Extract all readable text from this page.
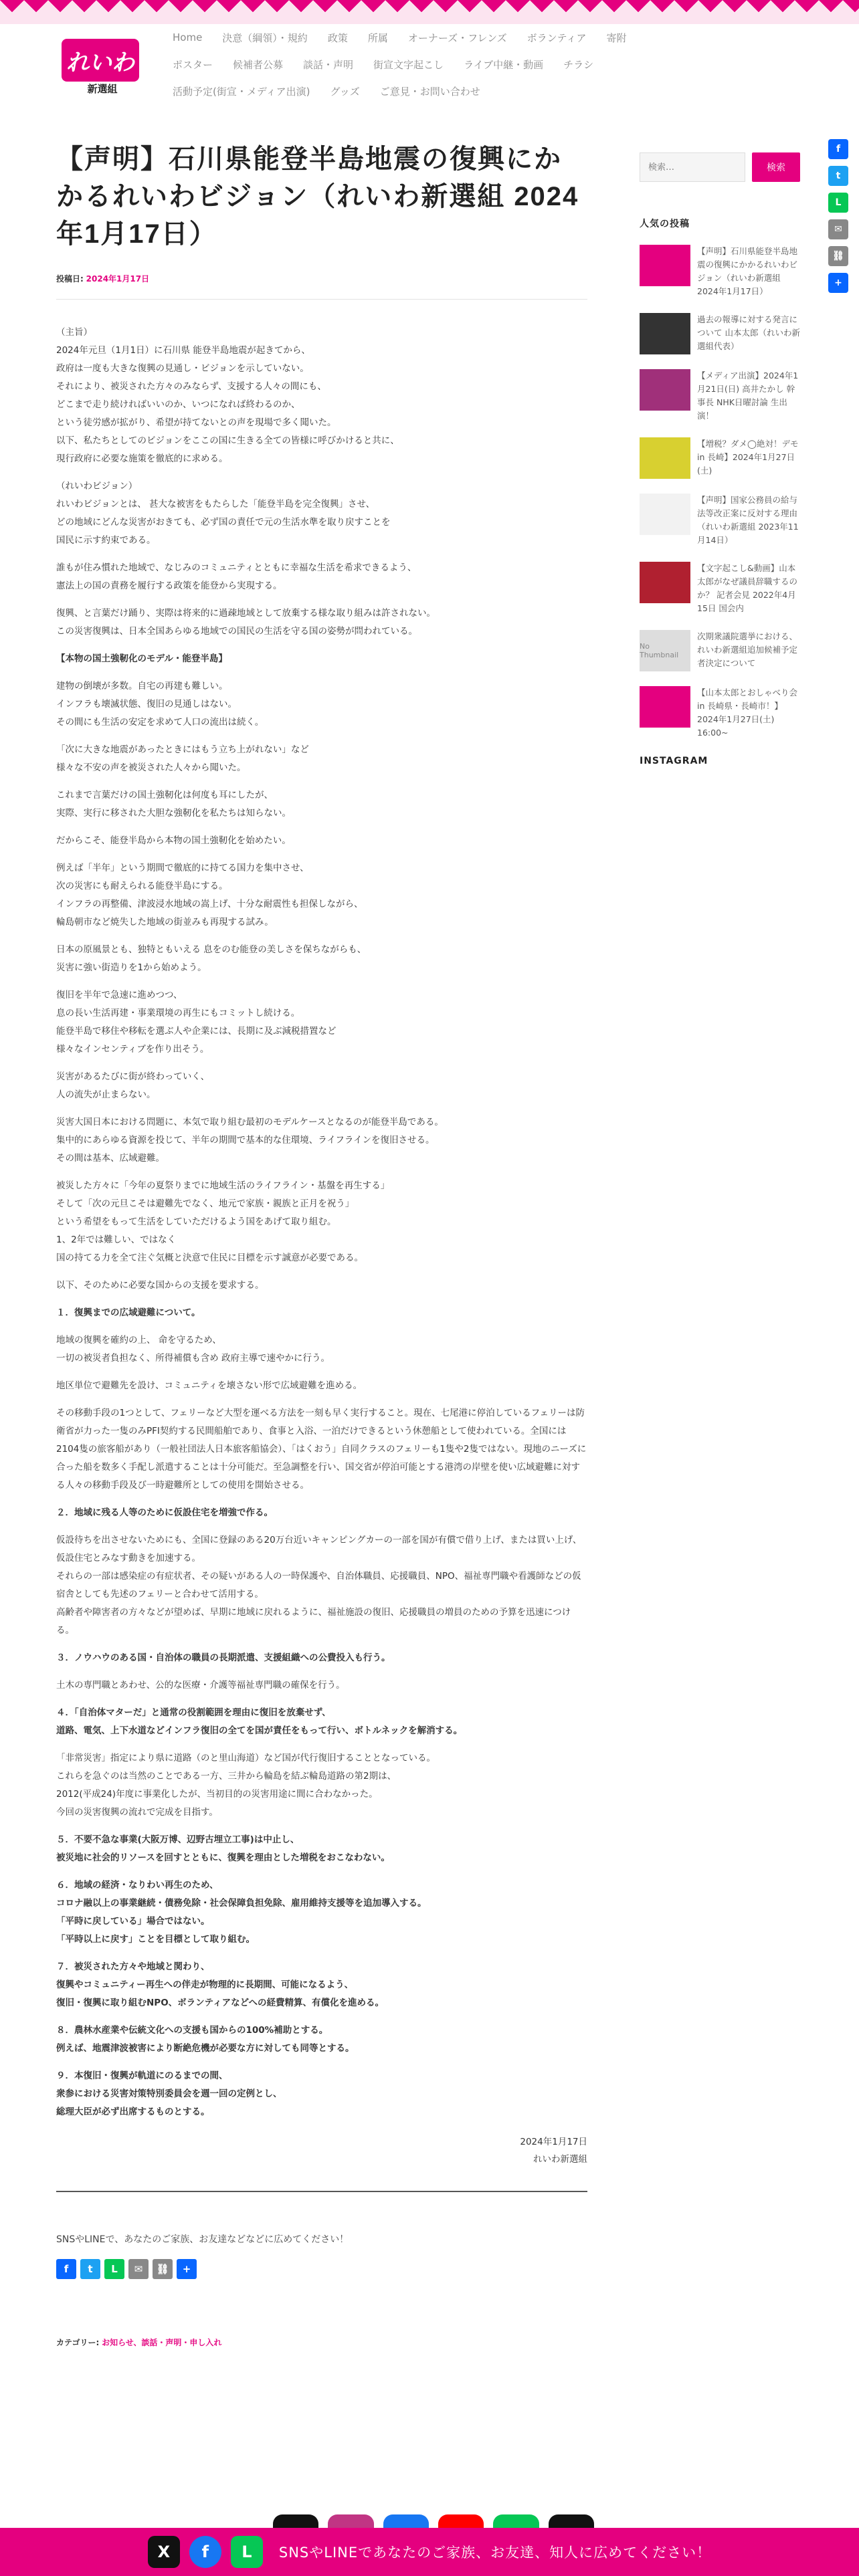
れいわ
新選組
Home	決意（綱領）・規約	政策	所属	オーナーズ・フレンズ	ボランティア	寄附
ポスター	候補者公募	談話・声明	街宣文字起こし	ライブ中継・動画	チラシ
活動予定(街宣・メディア出演)	グッズ	ご意見・お問い合わせ
【声明】石川県能登半島地震の復興にかかるれいわビジョン（れいわ新選組 2024年1月17日）
投稿日: 2024年1月17日
（主旨）
2024年元旦（1月1日）に石川県 能登半島地震が起きてから、
政府は一度も大きな復興の見通し・ビジョンを示していない。
それにより、被災された方々のみならず、支援する人々の間にも、
どこまで走り続ければいいのか、いつになれば終わるのか、
という徒労感が拡がり、希望が持てないとの声を現場で多く聞いた。
以下、私たちとしてのビジョンをここの国に生きる全ての皆様に呼びかけると共に、
現行政府に必要な施策を徹底的に求める。
（れいわビジョン）
れいわビジョンとは、 甚大な被害をもたらした「能登半島を完全復興」させ、
どの地域にどんな災害がおきても、必ず国の責任で元の生活水準を取り戻すことを
国民に示す約束である。
誰もが住み慣れた地域で、なじみのコミュニティとともに幸福な生活を希求できるよう、
憲法上の国の責務を履行する政策を能登から実現する。
復興、と言葉だけ踊り、実際は将来的に過疎地域として放棄する様な取り組みは許されない。
この災害復興は、日本全国あらゆる地域での国民の生活を守る国の姿勢が問われている。
【本物の国土強靭化のモデル・能登半島】
建物の倒壊が多数。自宅の再建も難しい。
インフラも壊滅状態、復旧の見通しはない。
その間にも生活の安定を求めて人口の流出は続く。
「次に大きな地震があったときにはもう立ち上がれない」など
様々な不安の声を被災された人々から聞いた。
これまで言葉だけの国土強靭化は何度も耳にしたが、
実際、実行に移された大胆な強靭化を私たちは知らない。
だからこそ、能登半島から本物の国土強靭化を始めたい。
例えば「半年」という期間で徹底的に持てる国力を集中させ、
次の災害にも耐えられる能登半島にする。
インフラの再整備、津波浸水地域の嵩上げ、十分な耐震性も担保しながら、
輪島朝市など焼失した地域の街並みも再現する試み。
日本の原風景とも、独特ともいえる 息をのむ能登の美しさを保ちながらも、
災害に強い街造りを1から始めよう。
復旧を半年で急速に進めつつ、
息の長い生活再建・事業環境の再生にもコミットし続ける。
能登半島で移住や移転を選ぶ人や企業には、長期に及ぶ減税措置など
様々なインセンティブを作り出そう。
災害があるたびに街が終わっていく、
人の流失が止まらない。
災害大国日本における問題に、本気で取り組む最初のモデルケースとなるのが能登半島である。
集中的にあらゆる資源を投じて、半年の期間で基本的な住環境、ライフラインを復旧させる。
その間は基本、広域避難。
被災した方々に「今年の夏祭りまでに地域生活のライフライン・基盤を再生する」
そして「次の元旦こそは避難先でなく、地元で家族・親族と正月を祝う」
という希望をもって生活をしていただけるよう国をあげて取り組む。
1、2年では難しい、ではなく
国の持てる力を全て注ぐ気概と決意で住民に目標を示す誠意が必要である。
以下、そのために必要な国からの支援を要求する。
１．復興までの広域避難について。
地域の復興を確約の上、 命を守るため、
一切の被災者負担なく、所得補償も含め 政府主導で速やかに行う。
地区単位で避難先を設け、コミュニティを壊さない形で広域避難を進める。
その移動手段の1つとして、フェリーなど大型を運べる方法を一刻も早く実行すること。現在、七尾港に停泊しているフェリーは防衛省が力った一隻のみPFI契約する民間船舶であり、食事と入浴、一泊だけできるという休憩船として使われている。全国には2104隻の旅客船があり（一般社団法人日本旅客船協会）、「はくおう」自同クラスのフェリーも1隻や2隻ではない。現地のニーズに合った船を数多く手配し派遣することは十分可能だ。至急調整を行い、国交省が停泊可能とする港湾の岸壁を使い広域避難に対する人々の移動手段及び一時避難所としての使用を開始させる。
２．地域に残る人等のために仮設住宅を増強で作る。
仮設待ちを出させないためにも、全国に登録のある20万台近いキャンピングカーの一部を国が有償で借り上げ、または買い上げ、仮設住宅とみなす動きを加速する。
それらの一部は感染症の有症状者、その疑いがある人の一時保護や、自治体職員、応援職員、NPO、福祉専門職や看護師などの仮宿舎としても先述のフェリーと合わせて活用する。
高齢者や障害者の方々などが望めば、早期に地域に戻れるように、福祉施設の復旧、応援職員の増員のための予算を迅速につける。
３．ノウハウのある国・自治体の職員の長期派遣、支援組織への公費投入も行う。
土木の専門職とあわせ、公的な医療・介護等福祉専門職の確保を行う。
４．「自治体マターだ」と通常の役割範囲を理由に復旧を放棄せず、
道路、電気、上下水道などインフラ復旧の全てを国が責任をもって行い、ボトルネックを解消する。
「非常災害」指定により県に道路（のと里山海道）など国が代行復旧することとなっている。
これらを急ぐのは当然のことである一方、三井から輪島を結ぶ輪島道路の第2期は、
2012(平成24)年度に事業化したが、当初目的の災害用途に間に合わなかった。
今回の災害復興の流れで完成を目指す。
５．不要不急な事業(大阪万博、辺野古埋立工事)は中止し、
被災地に社会的リソースを回すとともに、復興を理由とした増税をおこなわない。
６．地域の経済・なりわい再生のため、
コロナ融以上の事業継続・債務免除・社会保障負担免除、雇用維持支援等を追加導入する。
「平時に戻している」場合ではない。
「平時以上に戻す」ことを目標として取り組む。
７．被災された方々や地域と関わり、
復興やコミュニティー再生への伴走が物理的に長期間、可能になるよう、
復旧・復興に取り組むNPO、ボランティアなどへの経費精算、有償化を進める。
８．農林水産業や伝統文化への支援も国からの100%補助とする。
例えば、地震津波被害により断絶危機が必要な方に対しても同等とする。
９．本復旧・復興が軌道にのるまでの間、
衆参における災害対策特別委員会を週一回の定例とし、
総理大臣が必ず出席するものとする。
2024年1月17日
れいわ新選組
SNSやLINEで、あなたのご家族、お友達などなどに広めてください！
f	t	L	✉	⛓	+
カテゴリー: お知らせ、談話・声明・申し入れ
検索…
検索
人気の投稿
【声明】石川県能登半島地震の復興にかかるれいわビジョン（れいわ新選組 2024年1月17日）
過去の報導に対する発言について 山本太郎（れいわ新選組代表）
【メディア出演】2024年1月21日(日) 高井たかし 幹事長 NHK日曜討論 生出演！
【増税？ダメ◯絶対！デモ in 長崎】2024年1月27日(土)
【声明】国家公務員の給与法等改正案に反対する理由（れいわ新選組 2023年11月14日）
【文字起こし&動画】山本太郎がなぜ議員辞職するのか？ 記者会見 2022年4月15日 国会内
No Thumbnail
次期衆議院選挙における、れいわ新選組追加候補予定者決定について
【山本太郎とおしゃべり会 in 長崎県・長崎市！】2024年1月27日(土) 16:00~
INSTAGRAM
f
t
L
✉
⛓
+
X	f	L	SNSやLINEであなたのご家族、お友達、知人に広めてください！
